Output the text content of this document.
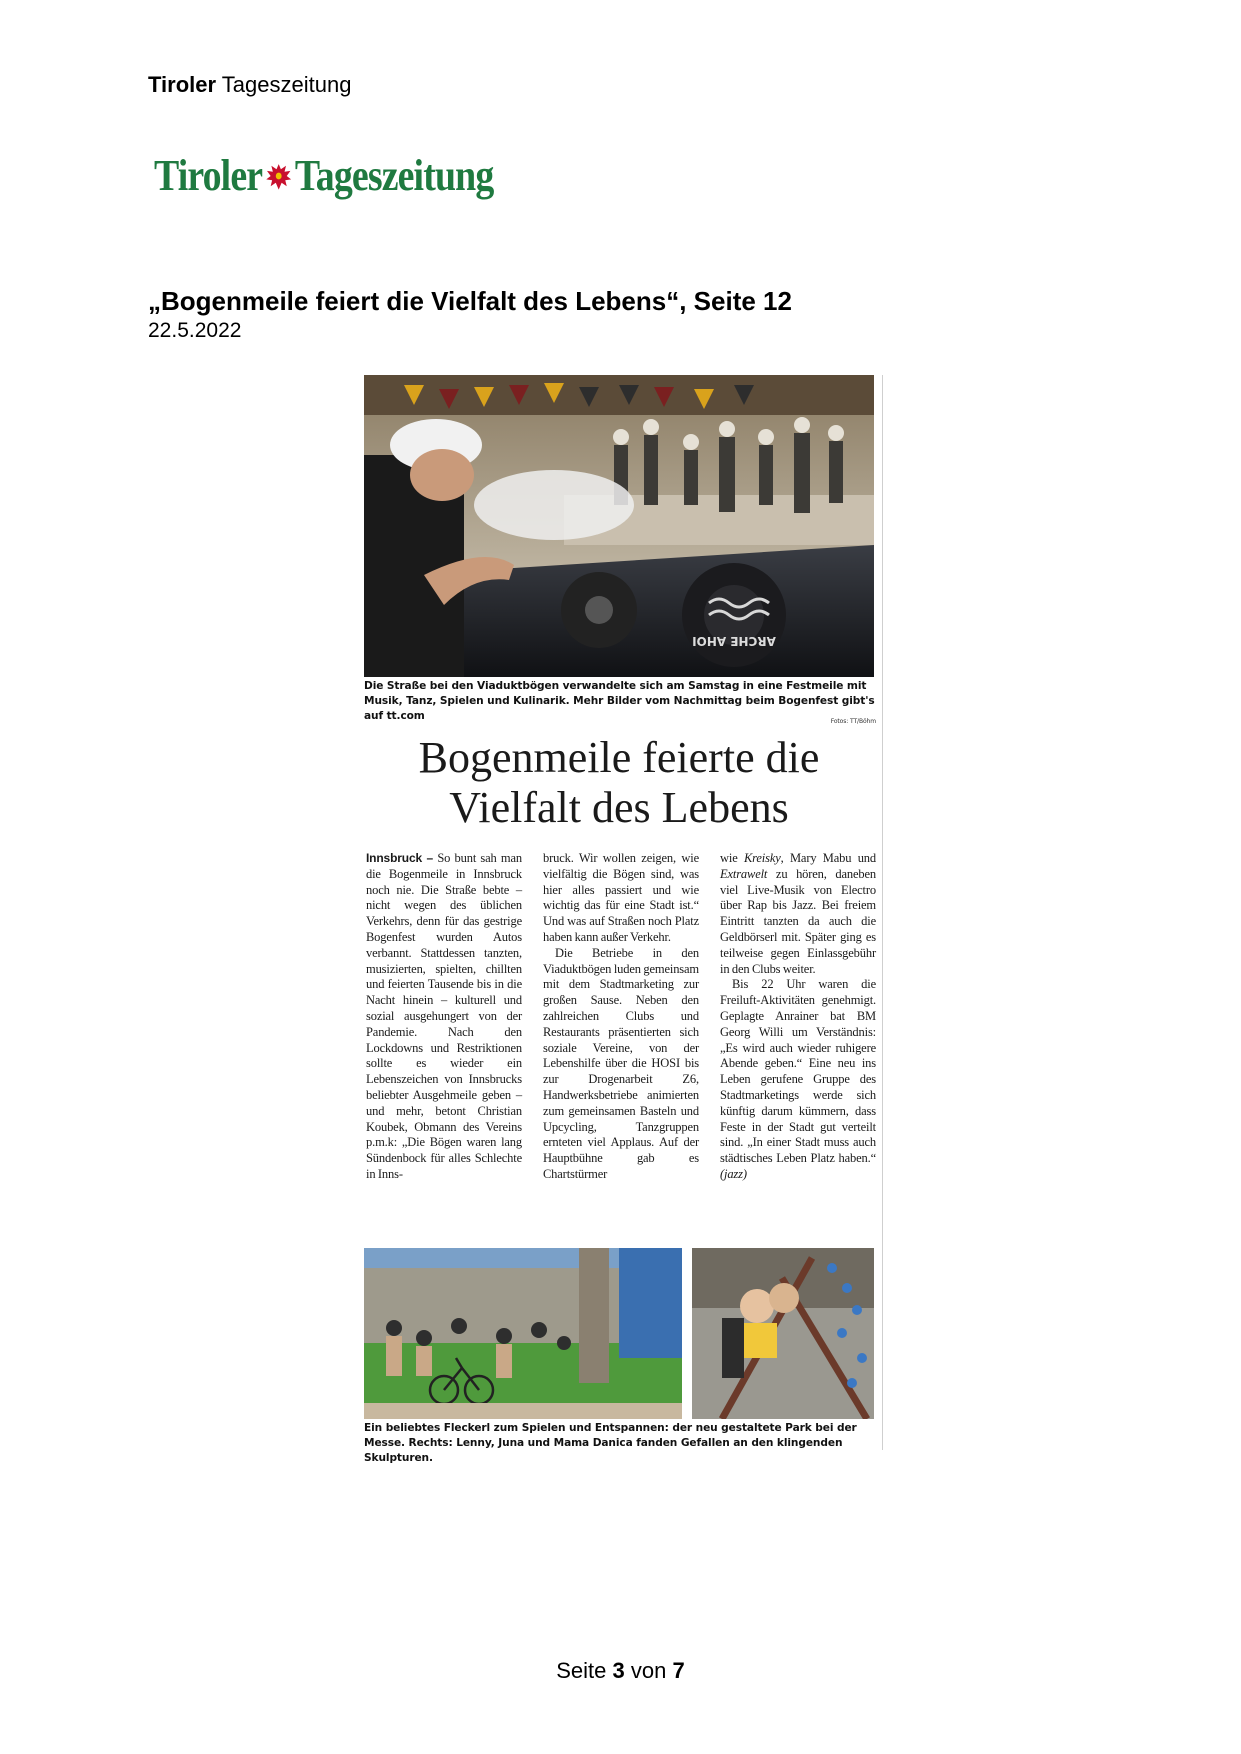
Tiroler Tageszeitung
Tiroler Tageszeitung
„Bogenmeile feiert die Vielfalt des Lebens“, Seite 12
22.5.2022
ARCHE AHOI
Die Straße bei den Viaduktbögen verwandelte sich am Samstag in eine Festmeile mit Musik, Tanz, Spielen und Kulinarik. Mehr Bilder vom Nachmittag beim Bogenfest gibt's auf tt.com	Fotos: TT/Böhm
Bogenmeile feierte die
Vielfalt des Lebens

Innsbruck – So bunt sah man die Bogenmeile in Innsbruck noch nie. Die Straße bebte – nicht wegen des üblichen Verkehrs, denn für das gestrige Bogenfest wurden Autos verbannt. Stattdessen tanzten, musizierten, spielten, chillten und feierten Tausende bis in die Nacht hinein – kulturell und sozial ausgehungert von der Pandemie. Nach den Lockdowns und Restriktionen sollte es wieder ein Lebenszeichen von Innsbrucks beliebter Ausgehmeile geben – und mehr, betont Christian Koubek, Obmann des Vereins p.m.k: „Die Bögen waren lang Sündenbock für alles Schlechte in Inns-

bruck. Wir wollen zeigen, wie vielfältig die Bögen sind, was hier alles passiert und wie wichtig das für eine Stadt ist.“ Und was auf Straßen noch Platz haben kann außer Verkehr.

Die Betriebe in den Viaduktbögen luden gemeinsam mit dem Stadtmarketing zur großen Sause. Neben den zahlreichen Clubs und Restaurants präsentierten sich soziale Vereine, von der Lebenshilfe über die HOSI bis zur Drogenarbeit Z6, Handwerksbetriebe animierten zum gemeinsamen Basteln und Upcycling, Tanzgruppen ernteten viel Applaus. Auf der Hauptbühne gab es Chartstürmer

wie Kreisky, Mary Mabu und Extrawelt zu hören, daneben viel Live-Musik von Electro über Rap bis Jazz. Bei freiem Eintritt tanzten da auch die Geldbörserl mit. Später ging es teilweise gegen Einlassgebühr in den Clubs weiter.

Bis 22 Uhr waren die Freiluft-Aktivitäten genehmigt. Geplagte Anrainer bat BM Georg Willi um Verständnis: „Es wird auch wieder ruhigere Abende geben.“ Eine neu ins Leben gerufene Gruppe des Stadtmarketings werde sich künftig darum kümmern, dass Feste in der Stadt gut verteilt sind. „In einer Stadt muss auch städtisches Leben Platz haben.“ (jazz)

Ein beliebtes Fleckerl zum Spielen und Entspannen: der neu gestaltete Park bei der Messe. Rechts: Lenny, Juna und Mama Danica fanden Gefallen an den klingenden Skulpturen.
Seite 3 von 7
